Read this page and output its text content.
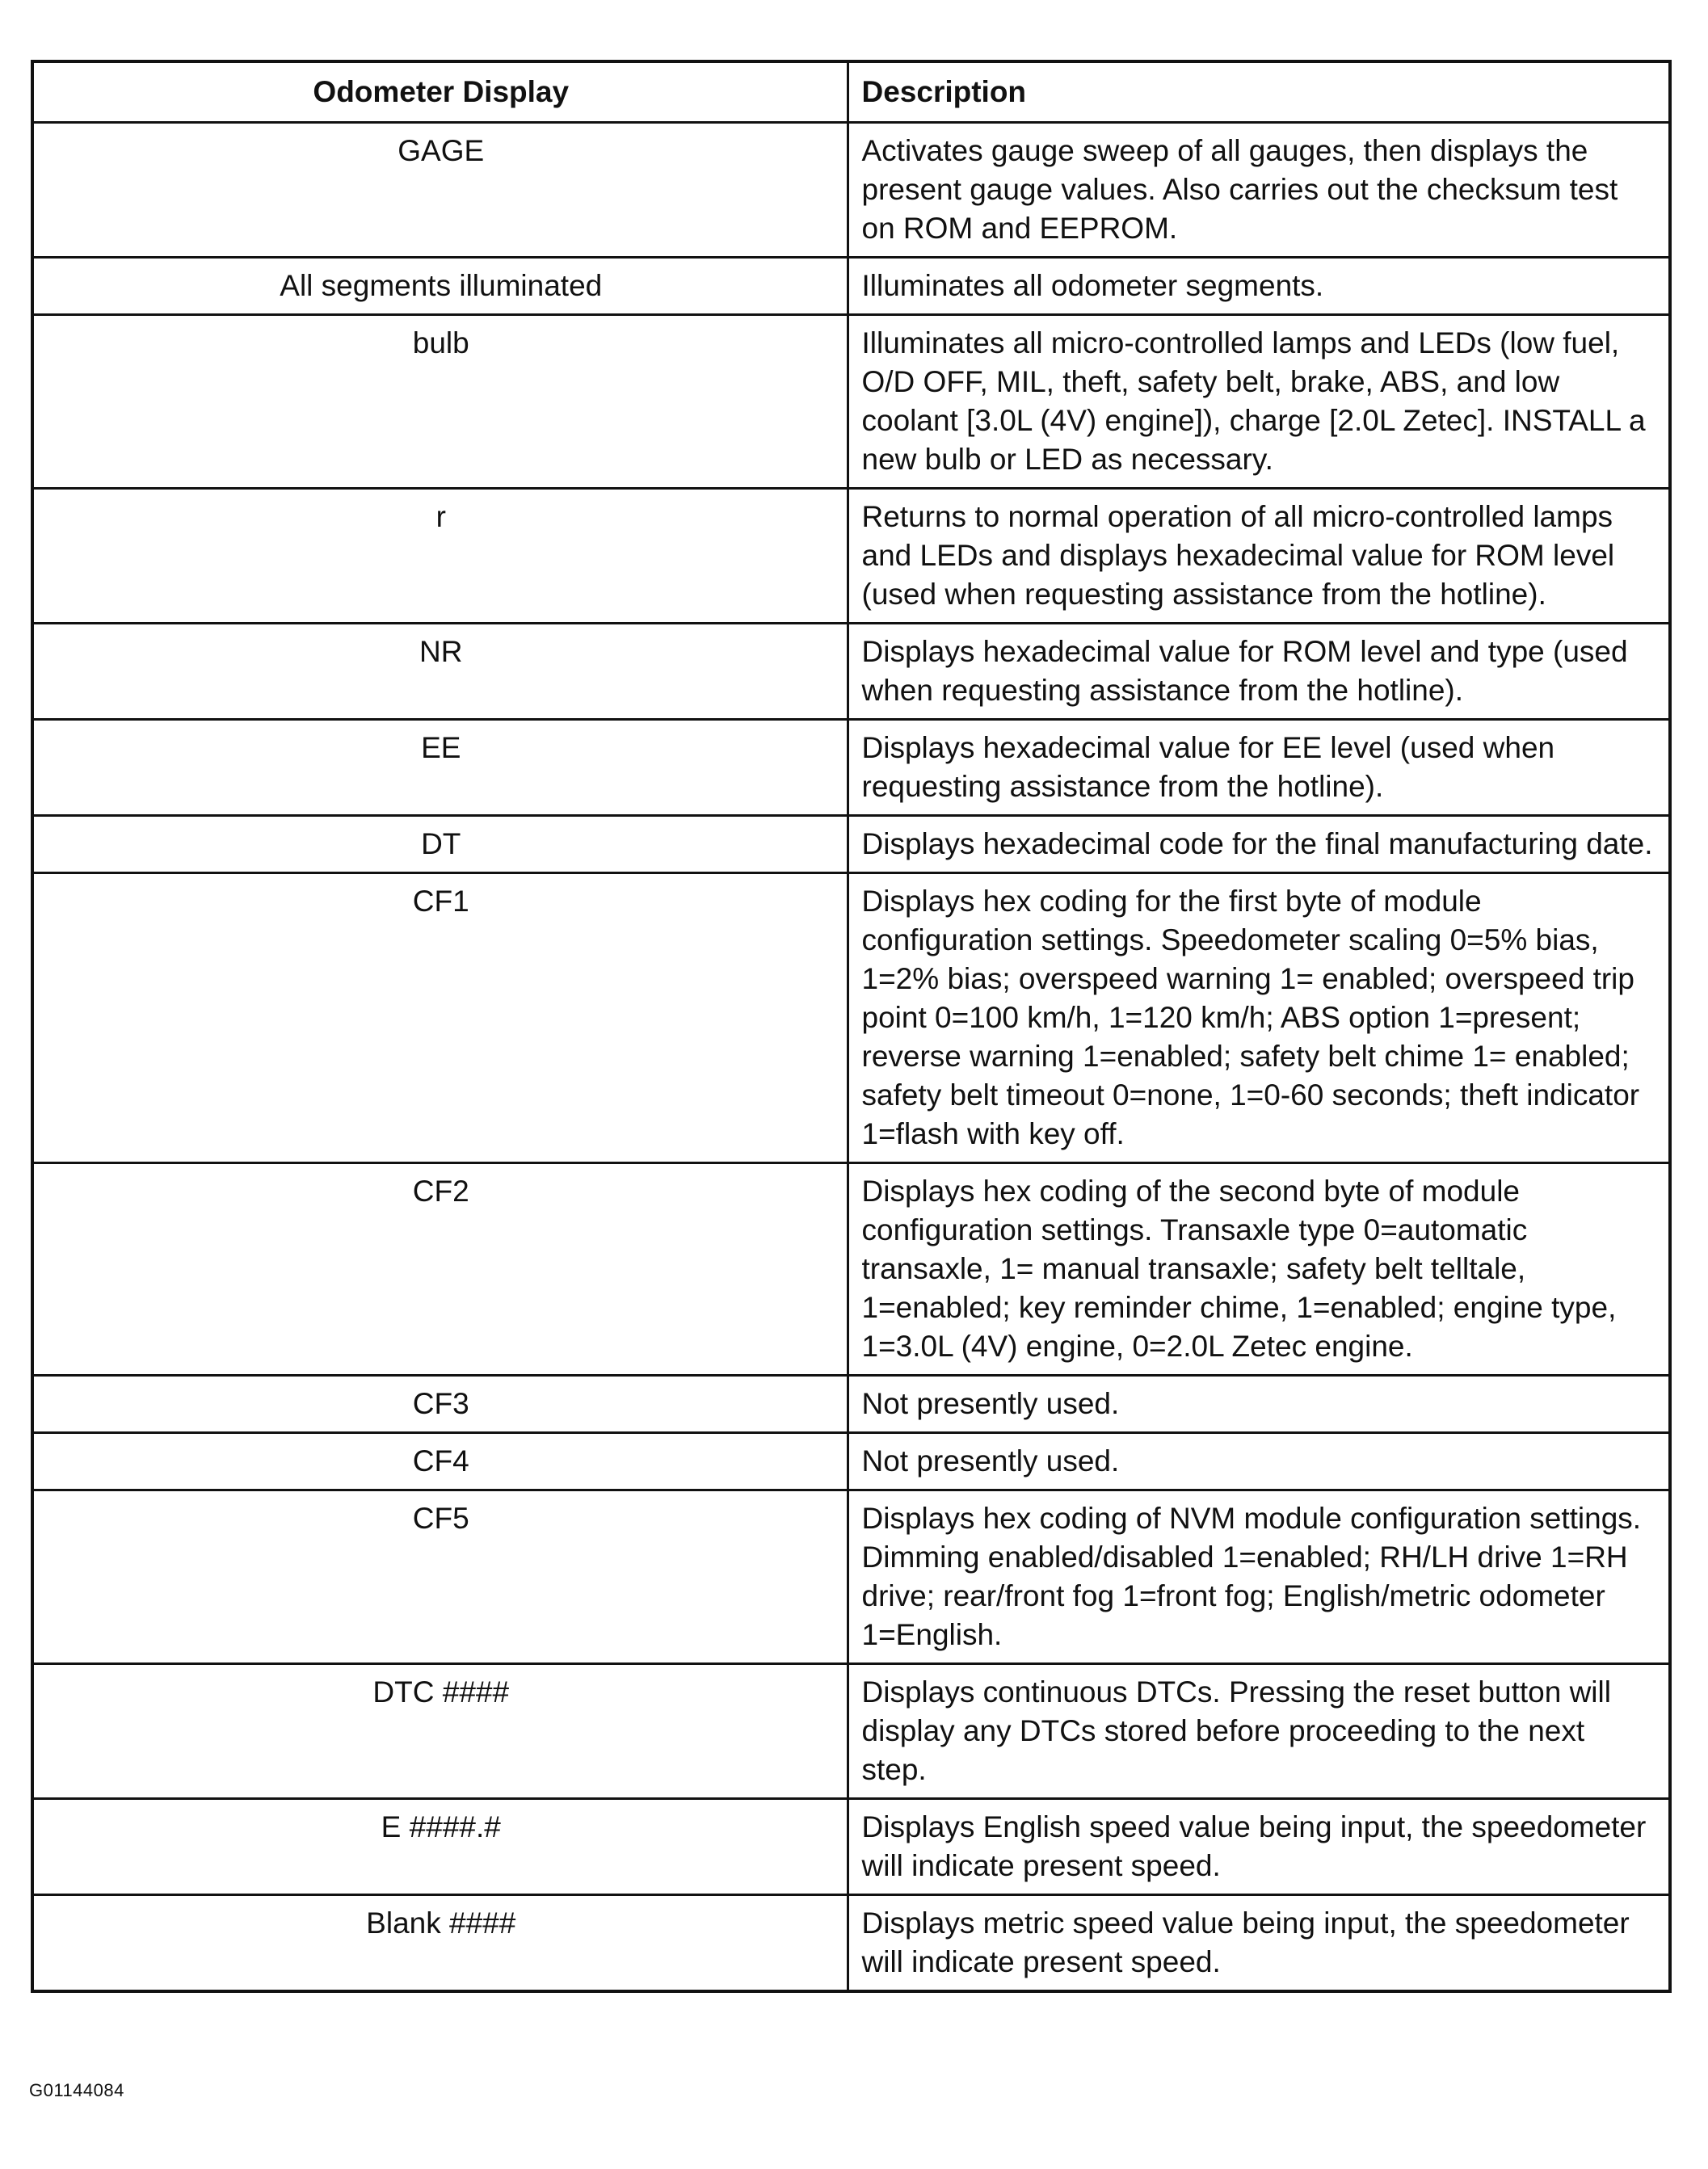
Odometer Display	Description
GAGE	Activates gauge sweep of all gauges, then displays the present gauge values. Also carries out the checksum test on ROM and EEPROM.
All segments illuminated	Illuminates all odometer segments.
bulb	Illuminates all micro-controlled lamps and LEDs (low fuel, O/D OFF, MIL, theft, safety belt, brake, ABS, and low coolant [3.0L (4V) engine]), charge [2.0L Zetec]. INSTALL a new bulb or LED as necessary.
r	Returns to normal operation of all micro-controlled lamps and LEDs and displays hexadecimal value for ROM level (used when requesting assistance from the hotline).
NR	Displays hexadecimal value for ROM level and type (used when requesting assistance from the hotline).
EE	Displays hexadecimal value for EE level (used when requesting assistance from the hotline).
DT	Displays hexadecimal code for the final manufacturing date.
CF1	Displays hex coding for the first byte of module configuration settings. Speedometer scaling 0=5% bias, 1=2% bias; overspeed warning 1= enabled; overspeed trip point 0=100 km/h, 1=120 km/h; ABS option 1=present; reverse warning 1=enabled; safety belt chime 1= enabled; safety belt timeout 0=none, 1=0-60 seconds; theft indicator 1=flash with key off.
CF2	Displays hex coding of the second byte of module configuration settings. Transaxle type 0=automatic transaxle, 1= manual transaxle; safety belt telltale, 1=enabled; key reminder chime, 1=enabled; engine type, 1=3.0L (4V) engine, 0=2.0L Zetec engine.
CF3	Not presently used.
CF4	Not presently used.
CF5	Displays hex coding of NVM module configuration settings. Dimming enabled/disabled 1=enabled; RH/LH drive 1=RH drive; rear/front fog 1=front fog; English/metric odometer 1=English.
DTC ####	Displays continuous DTCs. Pressing the reset button will display any DTCs stored before proceeding to the next step.
E ####.#	Displays English speed value being input, the speedometer will indicate present speed.
Blank ####	Displays metric speed value being input, the speedometer will indicate present speed.
G01144084
